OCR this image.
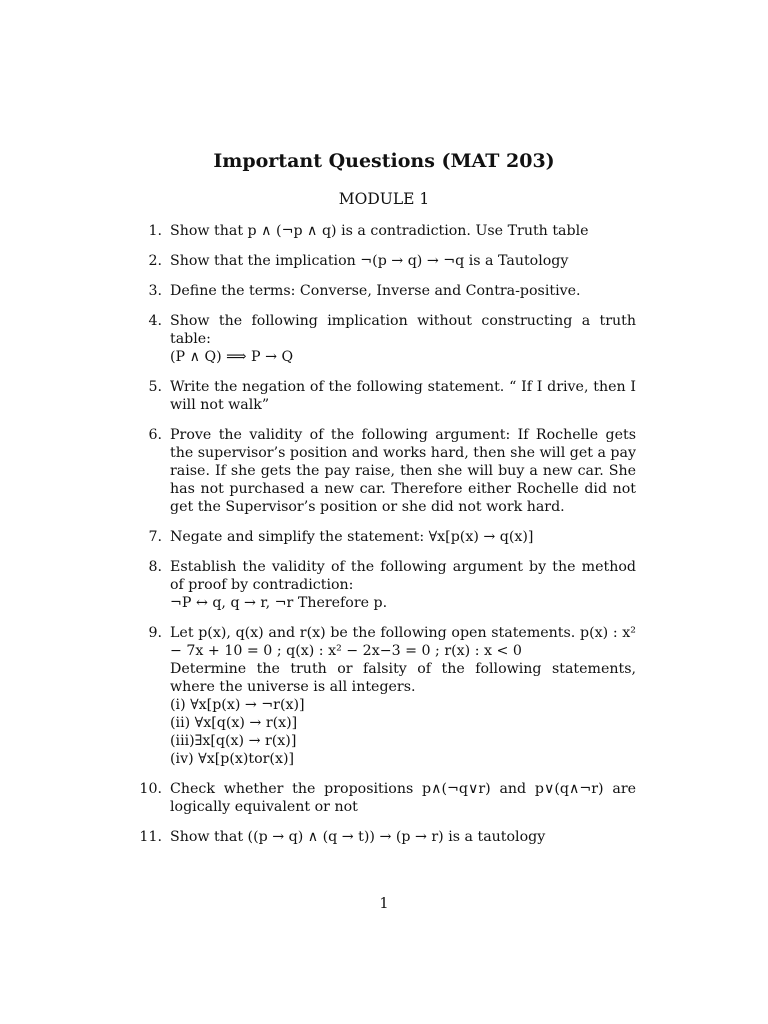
Important Questions (MAT 203)
MODULE 1
1. Show that p ∧ (¬p ∧ q) is a contradiction. Use Truth table
2. Show that the implication ¬(p → q) → ¬q is a Tautology
3. Define the terms: Converse, Inverse and Contra-positive.
4. Show the following implication without constructing a truth table:
(P ∧ Q) ⟹ P → Q
5. Write the negation of the following statement. “ If I drive, then I will not walk”
6. Prove the validity of the following argument: If Rochelle gets the supervisor’s position and works hard, then she will get a pay raise. If she gets the pay raise, then she will buy a new car. She has not purchased a new car. Therefore either Rochelle did not get the Supervisor’s position or she did not work hard.
7. Negate and simplify the statement: ∀x[p(x) → q(x)]
8. Establish the validity of the following argument by the method of proof by contradiction:
¬P ↔ q, q → r, ¬r Therefore p.
9. Let p(x), q(x) and r(x) be the following open statements. p(x) : x² − 7x + 10 = 0 ; q(x) : x² − 2x−3 = 0 ; r(x) : x < 0
Determine the truth or falsity of the following statements, where the universe is all integers.
(i) ∀x[p(x) → ¬r(x)]
(ii) ∀x[q(x) → r(x)]
(iii)∃x[q(x) → r(x)]
(iv) ∀x[p(x)tor(x)]
10. Check whether the propositions p∧(¬q∨r) and p∨(q∧¬r) are logically equivalent or not
11. Show that ((p → q) ∧ (q → t)) → (p → r) is a tautology
1
